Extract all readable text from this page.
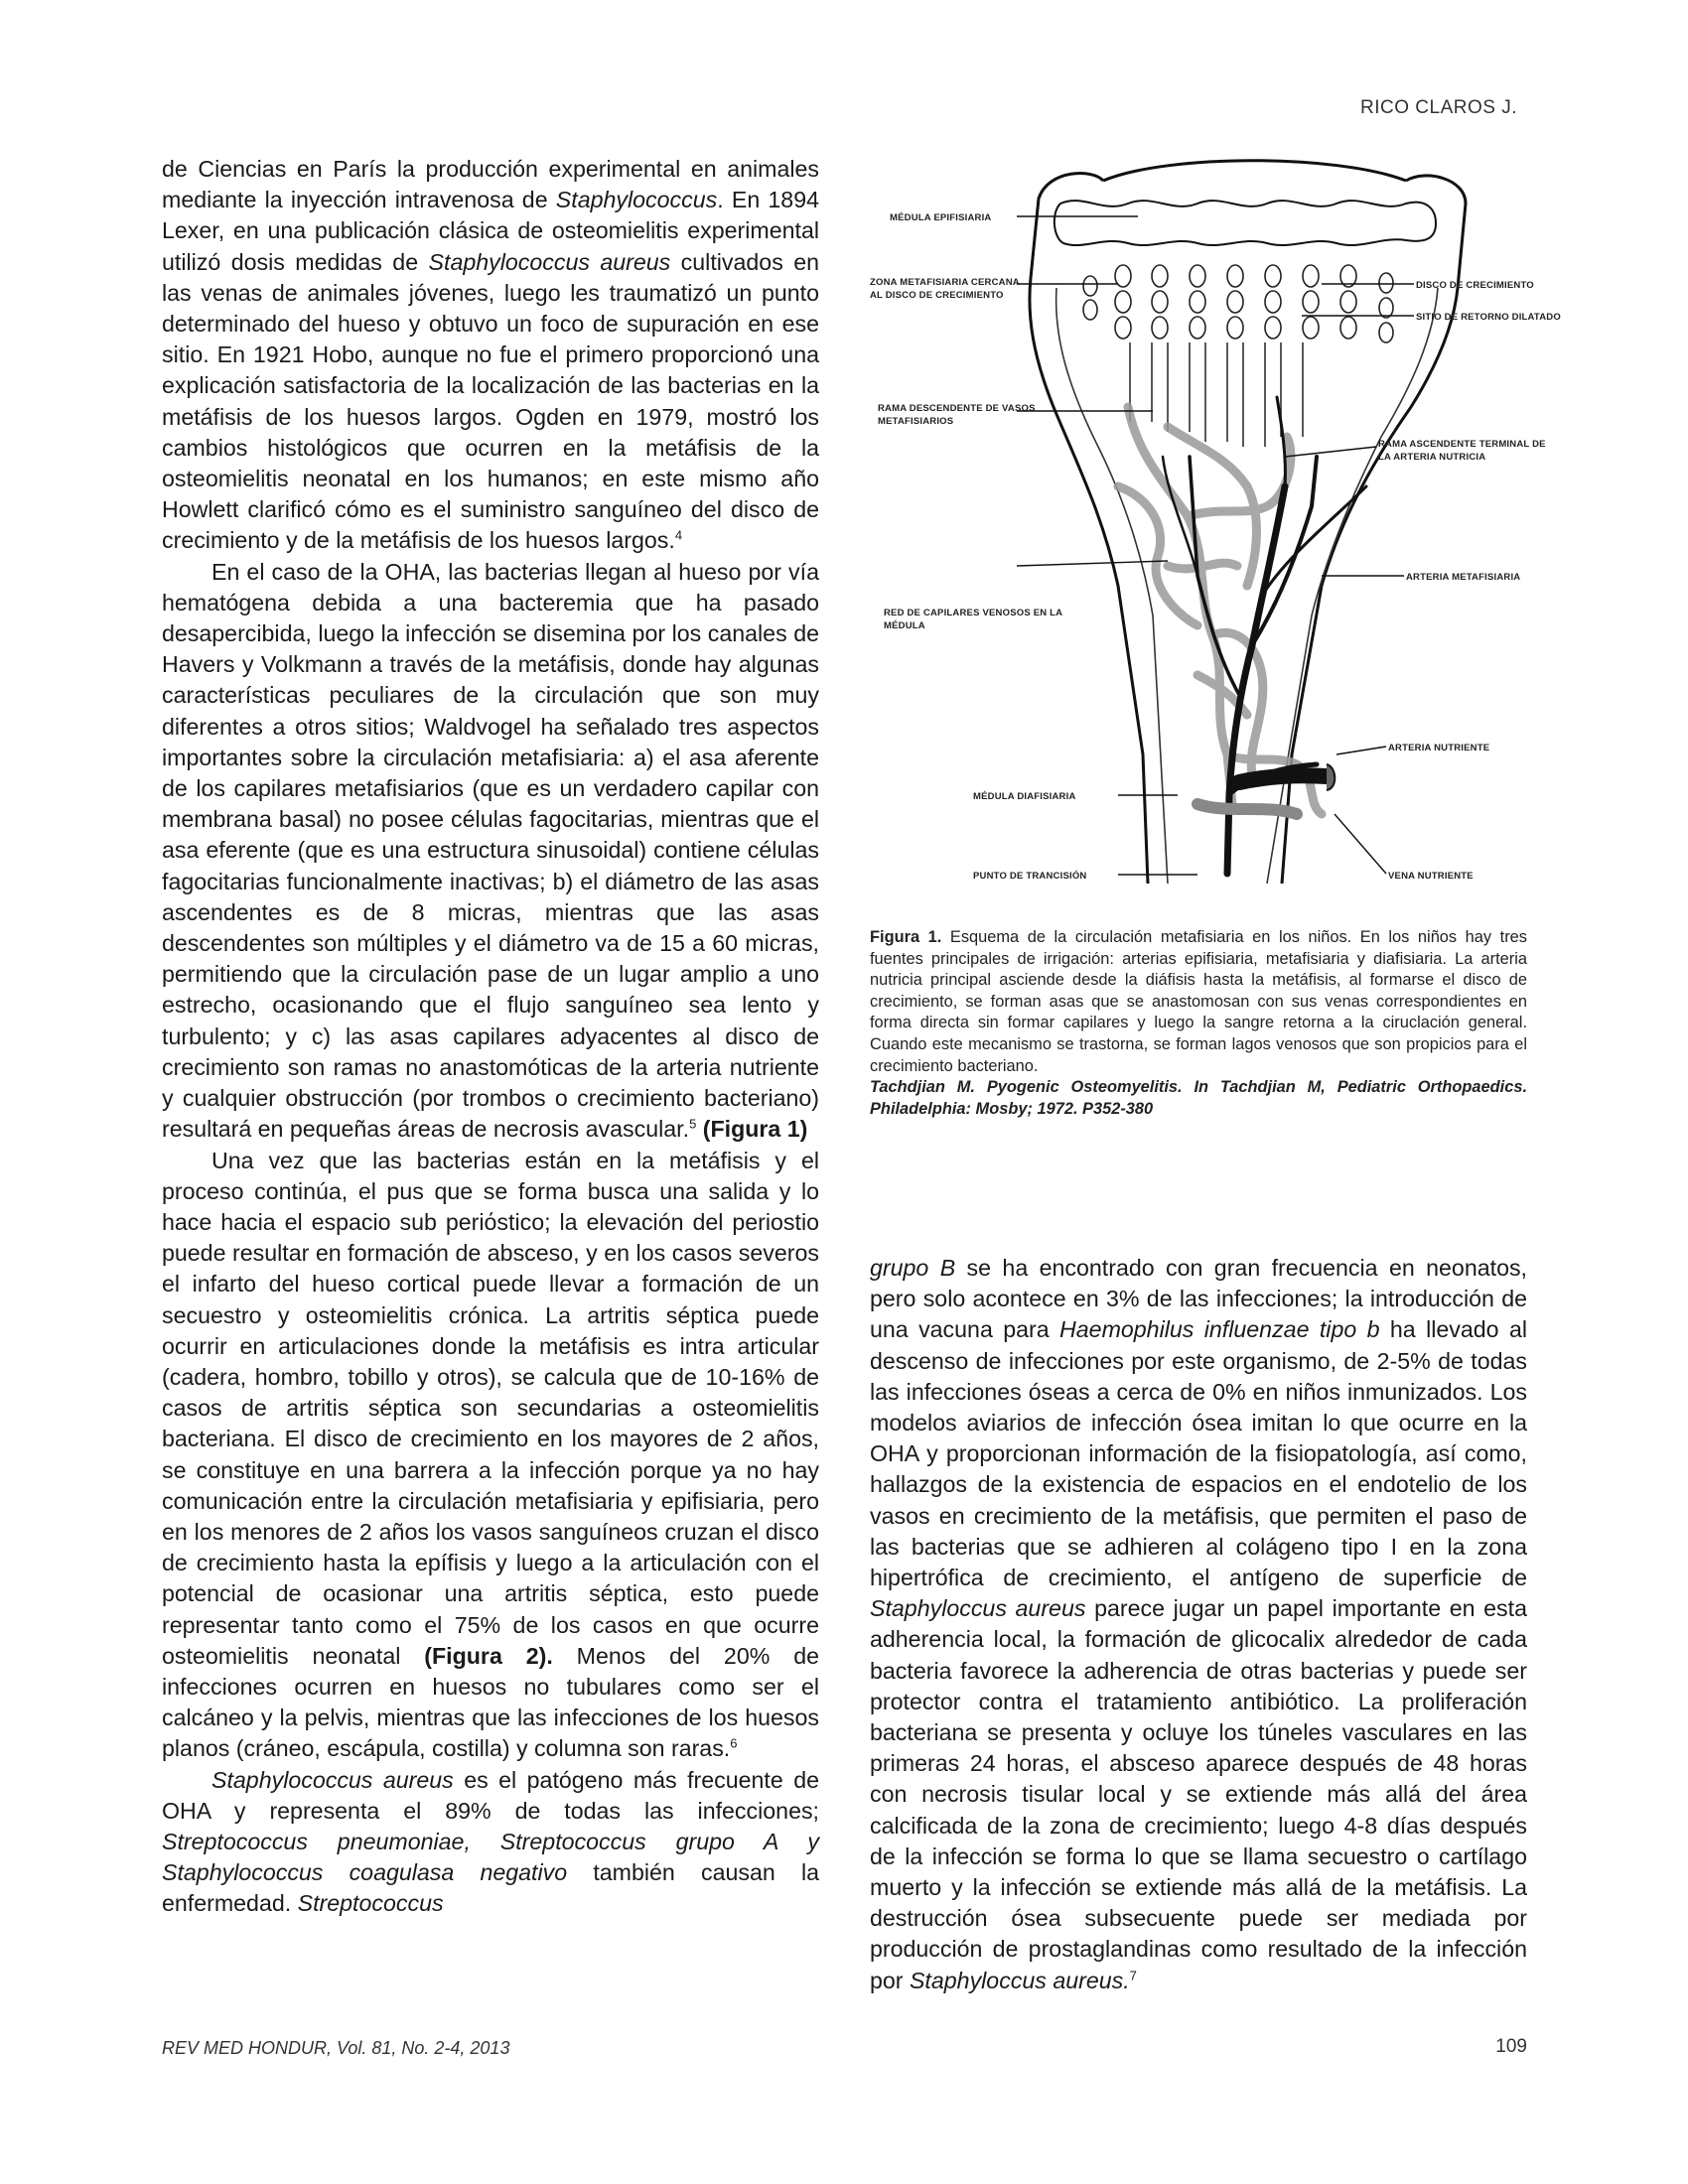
RICO CLAROS J.

de Ciencias en París la producción experimental en animales mediante la inyección intravenosa de Staphylococcus. En 1894 Lexer, en una publicación clásica de osteomielitis experimental utilizó dosis medidas de Staphylococcus aureus cultivados en las venas de animales jóvenes, luego les traumatizó un punto determinado del hueso y obtuvo un foco de supuración en ese sitio. En 1921 Hobo, aunque no fue el primero proporcionó una explicación satisfactoria de la localización de las bacterias en la metáfisis de los huesos largos. Ogden en 1979, mostró los cambios histológicos que ocurren en la metáfisis de la osteomielitis neonatal en los humanos; en este mismo año Howlett clarificó cómo es el suministro sanguíneo del disco de crecimiento y de la metáfisis de los huesos largos.$^4$

En el caso de la OHA, las bacterias llegan al hueso por vía hematógena debida a una bacteremia que ha pasado desapercibida, luego la infección se disemina por los canales de Havers y Volkmann a través de la metáfisis, donde hay algunas características peculiares de la circulación que son muy diferentes a otros sitios; Waldvogel ha señalado tres aspectos importantes sobre la circulación metafisiaria: a) el asa aferente de los capilares metafisiarios (que es un verdadero capilar con membrana basal) no posee células fagocitarias, mientras que el asa eferente (que es una estructura sinusoidal) contiene células fagocitarias funcionalmente inactivas; b) el diámetro de las asas ascendentes es de 8 micras, mientras que las asas descendentes son múltiples y el diámetro va de 15 a 60 micras, permitiendo que la circulación pase de un lugar amplio a uno estrecho, ocasionando que el flujo sanguíneo sea lento y turbulento; y c) las asas capilares adyacentes al disco de crecimiento son ramas no anastomóticas de la arteria nutriente y cualquier obstrucción (por trombos o crecimiento bacteriano) resultará en pequeñas áreas de necrosis avascular.$^5$ (Figura 1)

Una vez que las bacterias están en la metáfisis y el proceso continúa, el pus que se forma busca una salida y lo hace hacia el espacio sub periόstico; la elevación del periostio puede resultar en formación de absceso, y en los casos severos el infarto del hueso cortical puede llevar a formación de un secuestro y osteomielitis crónica. La artritis séptica puede ocurrir en articulaciones donde la metáfisis es intra articular (cadera, hombro, tobillo y otros), se calcula que de 10-16% de casos de artritis séptica son secundarias a osteomielitis bacteriana. El disco de crecimiento en los mayores de 2 años, se constituye en una barrera a la infección porque ya no hay comunicación entre la circulación metafisiaria y epifisiaria, pero en los menores de 2 años los vasos sanguíneos cruzan el disco de crecimiento hasta la epífisis y luego a la articulación con el potencial de ocasionar una artritis séptica, esto puede representar tanto como el 75% de los casos en que ocurre osteomielitis neonatal (Figura 2). Menos del 20% de infecciones ocurren en huesos no tubulares como ser el calcáneo y la pelvis, mientras que las infecciones de los huesos planos (cráneo, escápula, costilla) y columna son raras.$^6$

Staphylococcus aureus es el patógeno más frecuente de OHA y representa el 89% de todas las infecciones; Streptococcus pneumoniae, Streptococcus grupo A y Staphylococcus coagulasa negativo también causan la enfermedad. Streptococcus

MÉDULA EPIFISIARIA
ZONA METAFISIARIA CERCANA
AL DISCO DE CRECIMIENTO
DISCO DE CRECIMIENTO
SITIO DE RETORNO DILATADO
RAMA DESCENDENTE DE VASOS
METAFISIARIOS
RAMA ASCENDENTE TERMINAL DE
LA ARTERIA NUTRICIA
ARTERIA METAFISIARIA
RED DE CAPILARES VENOSOS EN LA
MÉDULA
ARTERIA NUTRIENTE
MÉDULA DIAFISIARIA
PUNTO DE TRANCISIÓN	VENA NUTRIENTE

Figura 1. Esquema de la circulación metafisiaria en los niños. En los niños hay tres fuentes principales de irrigación: arterias epifisiaria, metafisiaria y diafisiaria. La arteria nutricia principal asciende desde la diáfisis hasta la metáfisis, al formarse el disco de crecimiento, se forman asas que se anastomosan con sus venas correspondientes en forma directa sin formar capilares y luego la sangre retorna a la ciruclación general. Cuando este mecanismo se trastorna, se forman lagos venosos que son propicios para el crecimiento bacteriano.

Tachdjian M. Pyogenic Osteomyelitis. In Tachdjian M, Pediatric Orthopaedics. Philadelphia: Mosby; 1972. P352-380

grupo B se ha encontrado con gran frecuencia en neonatos, pero solo acontece en 3% de las infecciones; la introducción de una vacuna para Haemophilus influenzae tipo b ha llevado al descenso de infecciones por este organismo, de 2-5% de todas las infecciones óseas a cerca de 0% en niños inmunizados. Los modelos aviarios de infección ósea imitan lo que ocurre en la OHA y proporcionan información de la fisiopatología, así como, hallazgos de la existencia de espacios en el endotelio de los vasos en crecimiento de la metáfisis, que permiten el paso de las bacterias que se adhieren al colágeno tipo I en la zona hipertrófica de crecimiento, el antígeno de superficie de Staphyloccus aureus parece jugar un papel importante en esta adherencia local, la formación de glicocalix alrededor de cada bacteria favorece la adherencia de otras bacterias y puede ser protector contra el tratamiento antibiótico. La proliferación bacteriana se presenta y ocluye los túneles vasculares en las primeras 24 horas, el absceso aparece después de 48 horas con necrosis tisular local y se extiende más allá del área calcificada de la zona de crecimiento; luego 4-8 días después de la infección se forma lo que se llama secuestro o cartílago muerto y la infección se extiende más allá de la metáfisis. La destrucción ósea subsecuente puede ser mediada por producción de prostaglandinas como resultado de la infección por Staphyloccus aureus.$^7$

REV MED HONDUR, Vol. 81, No. 2-4, 2013	109
